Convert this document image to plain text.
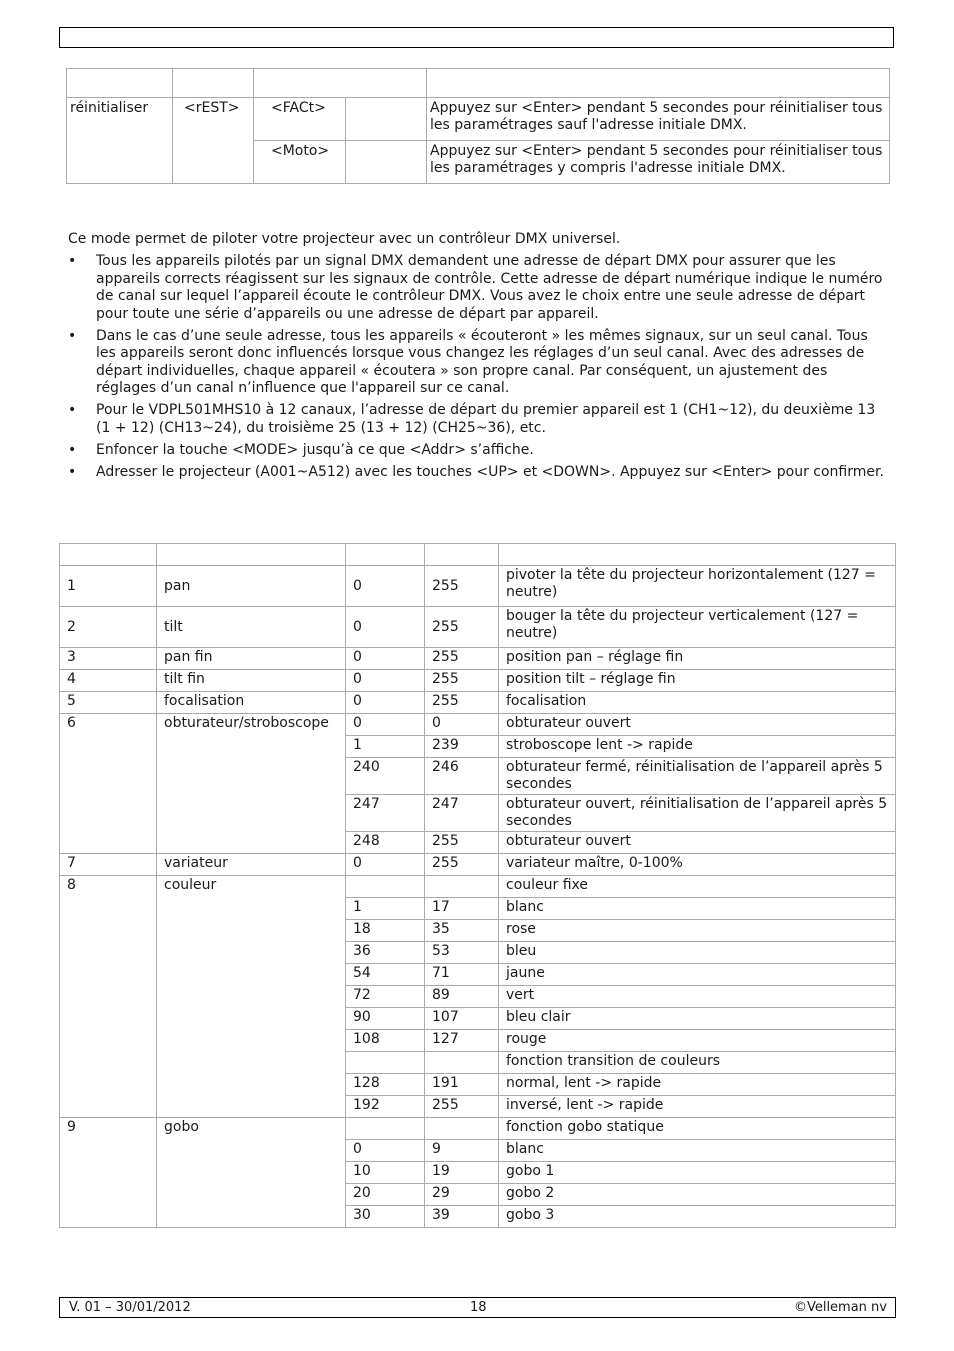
réinitialiser	<rEST>	<FACt>		Appuyez sur <Enter> pendant 5 secondes pour réinitialiser tous les paramétrages sauf l'adresse initiale DMX.
		<Moto>		Appuyez sur <Enter> pendant 5 secondes pour réinitialiser tous les paramétrages y compris l'adresse initiale DMX.
Ce mode permet de piloter votre projecteur avec un contrôleur DMX universel.
• Tous les appareils pilotés par un signal DMX demandent une adresse de départ DMX pour assurer que les appareils corrects réagissent sur les signaux de contrôle. Cette adresse de départ numérique indique le numéro de canal sur lequel l’appareil écoute le contrôleur DMX. Vous avez le choix entre une seule adresse de départ pour toute une série d’appareils ou une adresse de départ par appareil.
• Dans le cas d’une seule adresse, tous les appareils « écouteront » les mêmes signaux, sur un seul canal. Tous les appareils seront donc influencés lorsque vous changez les réglages d’un seul canal. Avec des adresses de départ individuelles, chaque appareil « écoutera » son propre canal. Par conséquent, un ajustement des réglages d’un canal n’influence que l'appareil sur ce canal.
• Pour le VDPL501MHS10 à 12 canaux, l’adresse de départ du premier appareil est 1 (CH1~12), du deuxième 13 (1 + 12) (CH13~24), du troisième 25 (13 + 12) (CH25~36), etc.
• Enfoncer la touche <MODE> jusqu’à ce que <Addr> s’affiche.
• Adresser le projecteur (A001~A512) avec les touches <UP> et <DOWN>. Appuyez sur <Enter> pour confirmer.

1	pan	0	255	pivoter la tête du projecteur horizontalement (127 = neutre)
2	tilt	0	255	bouger la tête du projecteur verticalement (127 = neutre)
3	pan fin	0	255	position pan – réglage fin
4	tilt fin	0	255	position tilt – réglage fin
5	focalisation	0	255	focalisation
6	obturateur/stroboscope	0	0	obturateur ouvert
		1	239	stroboscope lent -> rapide
		240	246	obturateur fermé, réinitialisation de l’appareil après 5 secondes
		247	247	obturateur ouvert, réinitialisation de l’appareil après 5 secondes
		248	255	obturateur ouvert
7	variateur	0	255	variateur maître, 0-100%
8	couleur			couleur fixe
		1	17	blanc
		18	35	rose
		36	53	bleu
		54	71	jaune
		72	89	vert
		90	107	bleu clair
		108	127	rouge
				fonction transition de couleurs
		128	191	normal, lent -> rapide
		192	255	inversé, lent -> rapide
9	gobo			fonction gobo statique
		0	9	blanc
		10	19	gobo 1
		20	29	gobo 2
		30	39	gobo 3
V. 01 – 30/01/2012	18	©Velleman nv
